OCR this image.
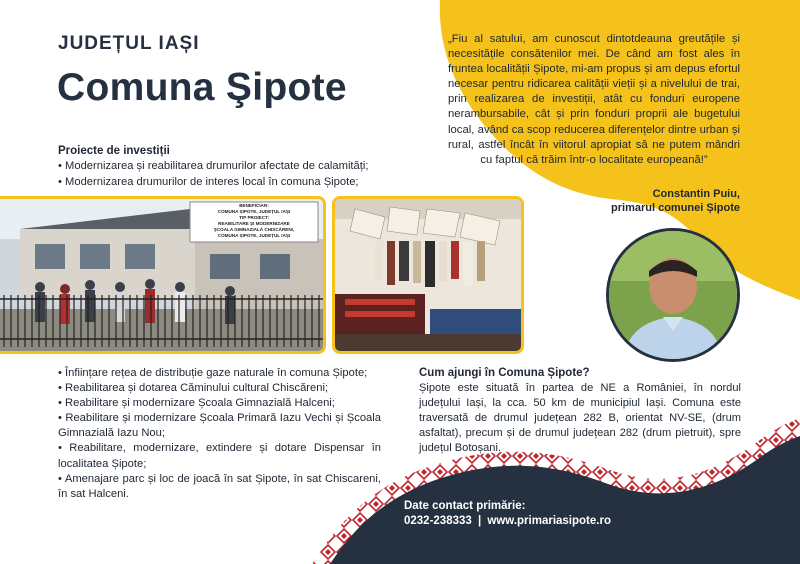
JUDEȚUL IAȘI
Comuna Şipote
Proiecte de investiții
• Modernizarea și reabilitarea drumurilor afectate de calamități;
• Modernizarea drumurilor de interes local în comuna Șipote;
BENEFICIAR:
COMUNA ȘIPOTE, JUDEȚUL IAȘI
TIP PROIECT:
REABILITARE ȘI MODERNIZARE
ȘCOALA GIMNAZIALĂ CHISCĂRENI,
COMUNA ȘIPOTE, JUDEȚUL IAȘI
„Fiu al satului, am cunoscut dintotdeauna greutățile și necesitățile consătenilor mei. De când am fost ales în fruntea localității Șipote, mi-am propus și am depus efortul necesar pentru ridicarea calității vieții și a nivelului de trai, prin realizarea de investiții, atât cu fonduri europene nerambursabile, cât și prin fonduri proprii ale bugetului local, având ca scop reducerea diferențelor dintre urban și rural, astfel încât în viitorul apropiat să ne putem mândri cu faptul că trăim într-o localitate europeană!”
Constantin Puiu,
primarul comunei Șipote
• Înființare rețea de distribuție gaze naturale în comuna Șipote;
• Reabilitarea și dotarea Căminului cultural Chiscăreni;
• Reabilitare și modernizare Școala Gimnazială Halceni;
• Reabilitare și modernizare Școala Primară Iazu Vechi și Școala Gimnazială Iazu Nou;
• Reabilitare, modernizare, extindere și dotare Dispensar în localitatea Șipote;
• Amenajare parc și loc de joacă în sat Șipote, în sat Chiscareni, în sat Halceni.
Cum ajungi în Comuna Șipote?
Șipote este situată în partea de NE a României, în nordul județului Iași, la cca. 50 km de municipiul Iași. Comuna este traversată de drumul județean 282 B, orientat NV-SE, (drum asfaltat), precum și de drumul județean 282 (drum pietruit), spre județul Botoșani.
Date contact primărie:
0232-238333 | www.primariasipote.ro
